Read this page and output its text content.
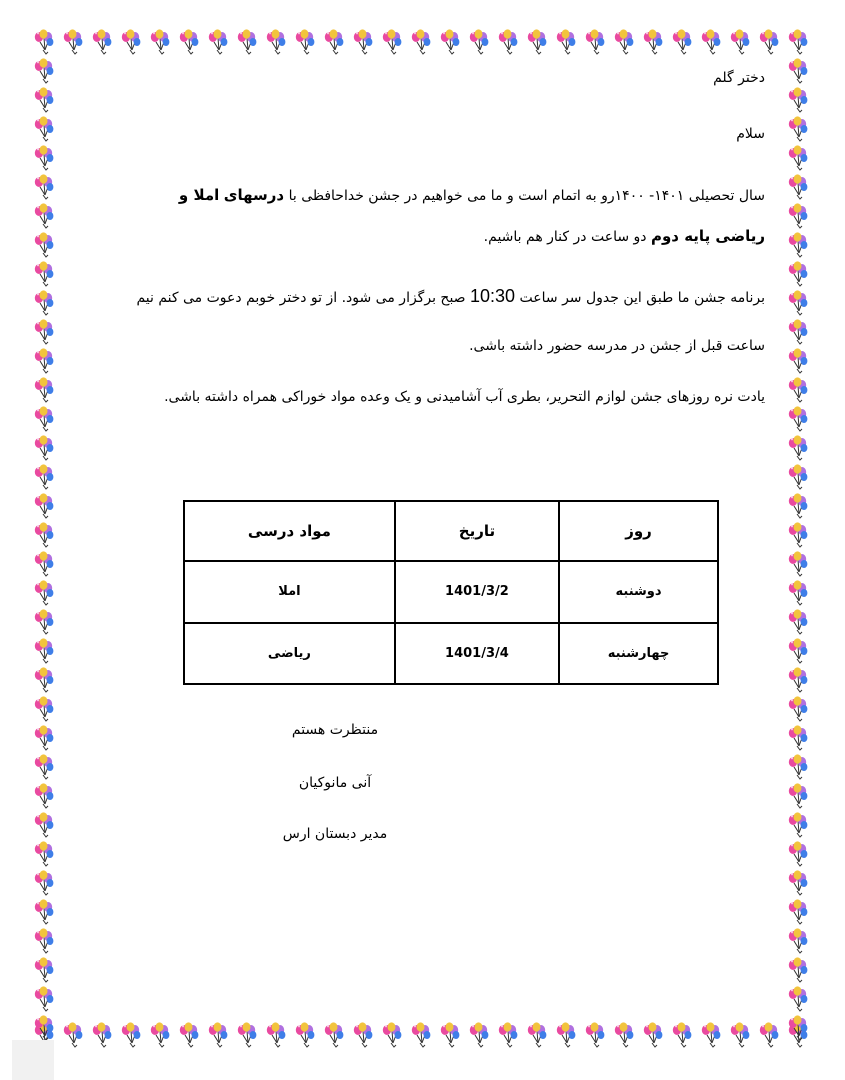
دختر گلم
سلام
سال تحصیلی ۱۴۰۱- ۱۴۰۰رو به اتمام است و ما می خواهیم در جشن خداحافظی با درسهای املا و ریاضی پایه دوم دو ساعت در کنار هم باشیم.
برنامه جشن ما طبق این جدول سر ساعت 10:30 صبح برگزار می شود. از تو دختر خوبم دعوت می کنم نیم ساعت قبل از جشن در مدرسه حضور داشته باشی.
یادت نره روزهای جشن لوازم التحریر، بطری آب آشامیدنی و یک وعده مواد خوراکی همراه داشته باشی.
روز	تاریخ	مواد درسی
دوشنبه	1401/3/2	املا
چهارشنبه	1401/3/4	ریاضی
منتظرت هستم
آنی مانوکیان
مدیر دبستان ارس
